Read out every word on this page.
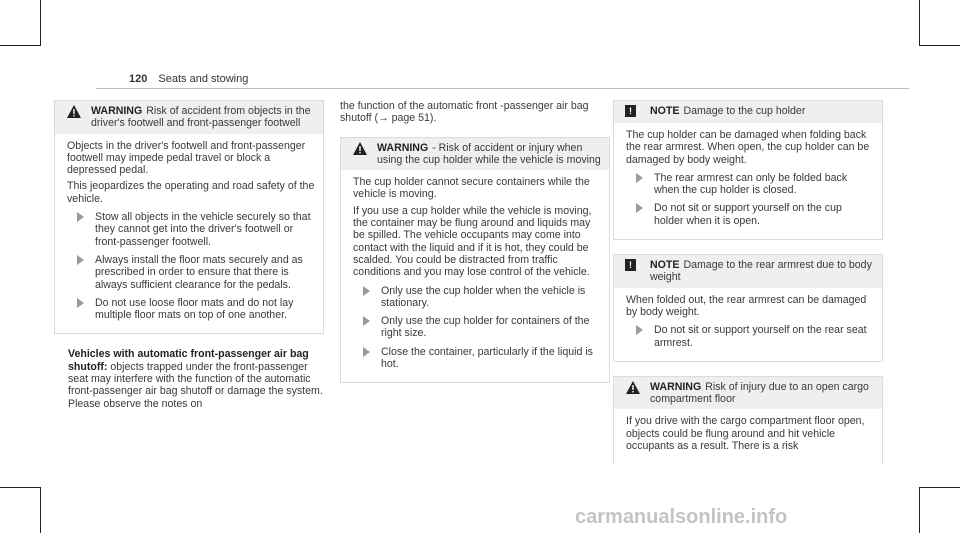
120 Seats and stowing
WARNING Risk of accident from objects in the driver's footwell and front-passenger footwell

Objects in the driver's footwell and front-passenger footwell may impede pedal travel or block a depressed pedal.

This jeopardizes the operating and road safety of the vehicle.

Stow all objects in the vehicle securely so that they cannot get into the driver's footwell or front-passenger footwell.
Always install the floor mats securely and as prescribed in order to ensure that there is always sufficient clearance for the pedals.
Do not use loose floor mats and do not lay multiple floor mats on top of one another.

Vehicles with automatic front-passenger air bag shutoff: objects trapped under the front-passenger seat may interfere with the function of the automatic front-passenger air bag shutoff or damage the system. Please observe the notes on

the function of the automatic front -passenger air bag shutoff (→ page 51).

WARNING - Risk of accident or injury when using the cup holder while the vehicle is moving

The cup holder cannot secure containers while the vehicle is moving.

If you use a cup holder while the vehicle is moving, the container may be flung around and liquids may be spilled. The vehicle occupants may come into contact with the liquid and if it is hot, they could be scalded. You could be distracted from traffic conditions and you may lose control of the vehicle.

Only use the cup holder when the vehicle is stationary.
Only use the cup holder for containers of the right size.
Close the container, particularly if the liquid is hot.
!	NOTE Damage to the cup holder

The cup holder can be damaged when folding back the rear armrest. When open, the cup holder can be damaged by body weight.

The rear armrest can only be folded back when the cup holder is closed.
Do not sit or support yourself on the cup holder when it is open.
!	NOTE Damage to the rear armrest due to body weight

When folded out, the rear armrest can be damaged by body weight.

Do not sit or support yourself on the rear seat armrest.
WARNING Risk of injury due to an open cargo compartment floor

If you drive with the cargo compartment floor open, objects could be flung around and hit vehicle occupants as a result. There is a risk

carmanualsonline.info
